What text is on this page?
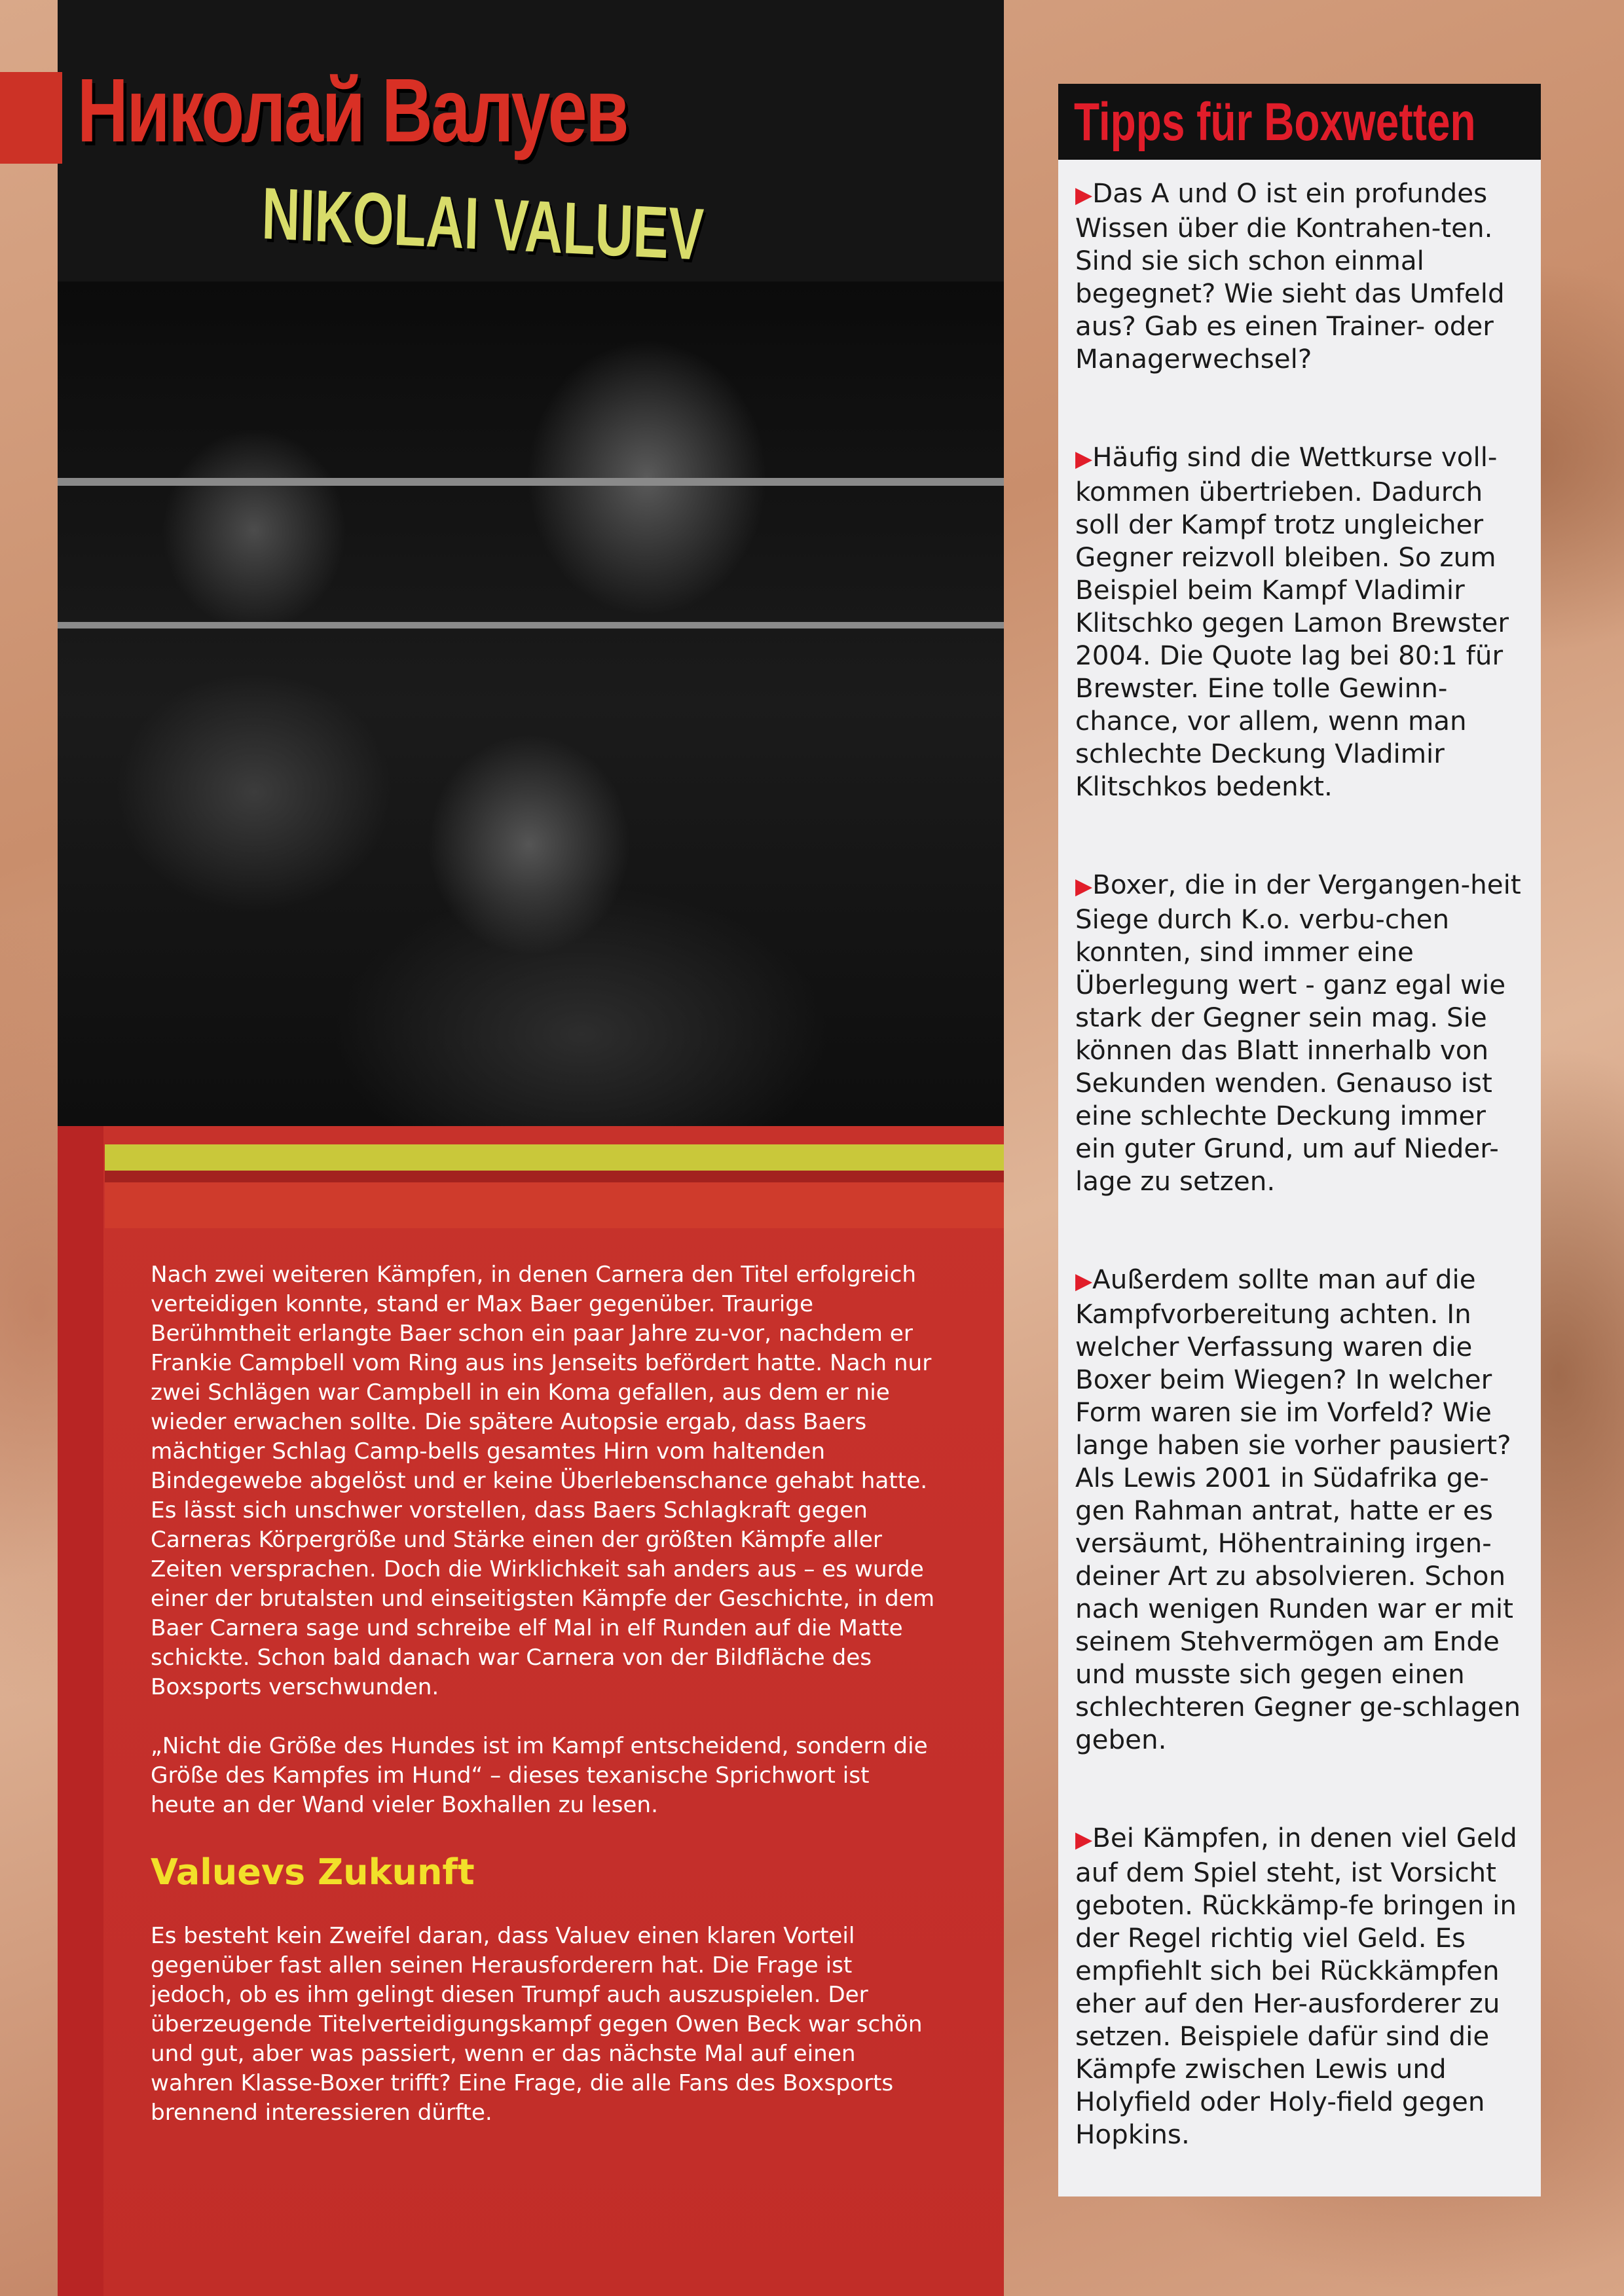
Николай Валуев
NIKOLAI VALUEV

Nach zwei weiteren Kämpfen, in denen Carnera den Titel erfolgreich verteidigen konnte, stand er Max Baer gegenüber. Traurige Berühmtheit erlangte Baer schon ein paar Jahre zu-vor, nachdem er Frankie Campbell vom Ring aus ins Jenseits befördert hatte. Nach nur zwei Schlägen war Campbell in ein Koma gefallen, aus dem er nie wieder erwachen sollte. Die spätere Autopsie ergab, dass Baers mächtiger Schlag Camp-bells gesamtes Hirn vom haltenden Bindegewebe abgelöst und er keine Überlebenschance gehabt hatte. Es lässt sich unschwer vorstellen, dass Baers Schlagkraft gegen Carneras Körpergröße und Stärke einen der größten Kämpfe aller Zeiten versprachen. Doch die Wirklichkeit sah anders aus – es wurde einer der brutalsten und einseitigsten Kämpfe der Geschichte, in dem Baer Carnera sage und schreibe elf Mal in elf Runden auf die Matte schickte. Schon bald danach war Carnera von der Bildfläche des Boxsports verschwunden.

„Nicht die Größe des Hundes ist im Kampf entscheidend, sondern die Größe des Kampfes im Hund“ – dieses texanische Sprichwort ist heute an der Wand vieler Boxhallen zu lesen.

Valuevs Zukunft

Es besteht kein Zweifel daran, dass Valuev einen klaren Vorteil gegenüber fast allen seinen Herausforderern hat. Die Frage ist jedoch, ob es ihm gelingt diesen Trumpf auch auszuspielen. Der überzeugende Titelverteidigungskampf gegen Owen Beck war schön und gut, aber was passiert, wenn er das nächste Mal auf einen wahren Klasse-Boxer trifft? Eine Frage, die alle Fans des Boxsports brennend interessieren dürfte.

Tipps für Boxwetten
▶Das A und O ist ein profundes Wissen über die Kontrahen-ten. Sind sie sich schon einmal begegnet? Wie sieht das Umfeld aus? Gab es einen Trainer- oder Managerwechsel?
▶Häufig sind die Wettkurse voll-kommen übertrieben. Dadurch soll der Kampf trotz ungleicher Gegner reizvoll bleiben. So zum Beispiel beim Kampf Vladimir Klitschko gegen Lamon Brewster 2004. Die Quote lag bei 80:1 für Brewster. Eine tolle Gewinn-chance, vor allem, wenn man schlechte Deckung Vladimir Klitschkos bedenkt.
▶Boxer, die in der Vergangen-heit Siege durch K.o. verbu-chen konnten, sind immer eine Überlegung wert - ganz egal wie stark der Gegner sein mag. Sie können das Blatt innerhalb von Sekunden wenden. Genauso ist eine schlechte Deckung immer ein guter Grund, um auf Nieder-lage zu setzen.
▶Außerdem sollte man auf die Kampfvorbereitung achten. In welcher Verfassung waren die Boxer beim Wiegen? In welcher Form waren sie im Vorfeld? Wie lange haben sie vorher pausiert? Als Lewis 2001 in Südafrika ge-gen Rahman antrat, hatte er es versäumt, Höhentraining irgen-deiner Art zu absolvieren. Schon nach wenigen Runden war er mit seinem Stehvermögen am Ende und musste sich gegen einen schlechteren Gegner ge-schlagen geben.
▶Bei Kämpfen, in denen viel Geld auf dem Spiel steht, ist Vorsicht geboten. Rückkämp-fe bringen in der Regel richtig viel Geld. Es empfiehlt sich bei Rückkämpfen eher auf den Her-ausforderer zu setzen. Beispiele dafür sind die Kämpfe zwischen Lewis und Holyfield oder Holy-field gegen Hopkins.
